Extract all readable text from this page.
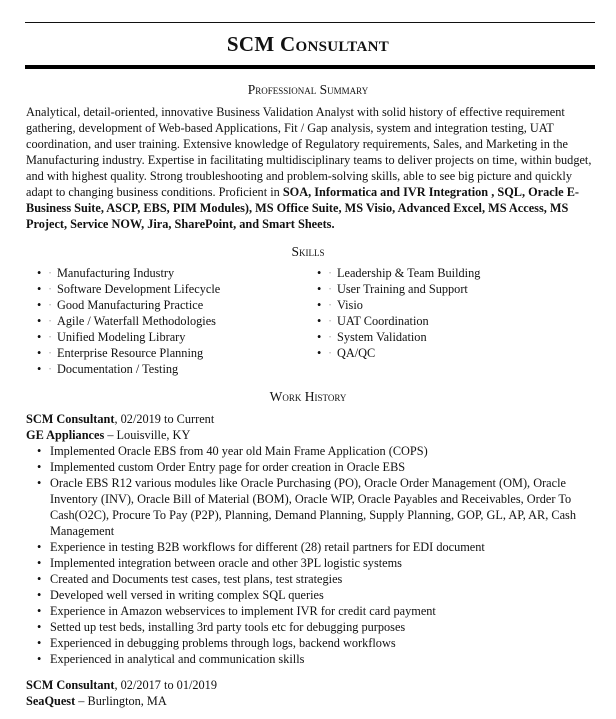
SCM Consultant
Professional Summary
Analytical, detail-oriented, innovative Business Validation Analyst with solid history of effective requirement gathering, development of Web-based Applications, Fit / Gap analysis, system and integration testing, UAT coordination, and user training. Extensive knowledge of Regulatory requirements, Sales, and Marketing in the Manufacturing industry. Expertise in facilitating multidisciplinary teams to deliver projects on time, within budget, and with highest quality. Strong troubleshooting and problem-solving skills, able to see big picture and quickly adapt to changing business conditions. Proficient in SOA, Informatica and IVR Integration , SQL, Oracle E-Business Suite, ASCP, EBS, PIM Modules), MS Office Suite, MS Visio, Advanced Excel, MS Access, MS Project, Service NOW, Jira, SharePoint, and Smart Sheets.
Skills
• Manufacturing Industry ·
• Software Development Lifecycle ·
• Good Manufacturing Practice ·
• Agile / Waterfall Methodologies ·
• Unified Modeling Library ·
• Enterprise Resource Planning ·
• Documentation / Testing ·
• Leadership & Team Building ·
• User Training and Support ·
• Visio ·
• UAT Coordination ·
• System Validation ·
• QA/QC ·
Work History
SCM Consultant, 02/2019 to Current
GE Appliances – Louisville, KY
• Implemented Oracle EBS from 40 year old Main Frame Application (COPS)
• Implemented custom Order Entry page for order creation in Oracle EBS
• Oracle EBS R12 various modules like Oracle Purchasing (PO), Oracle Order Management (OM), Oracle Inventory (INV), Oracle Bill of Material (BOM), Oracle WIP, Oracle Payables and Receivables, Order To Cash(O2C), Procure To Pay (P2P), Planning, Demand Planning, Supply Planning, GOP, GL, AP, AR, Cash Management
• Experience in testing B2B workflows for different (28) retail partners for EDI document
• Implemented integration between oracle and other 3PL logistic systems
• Created and Documents test cases, test plans, test strategies
• Developed well versed in writing complex SQL queries
• Experience in Amazon webservices to implement IVR for credit card payment
• Setted up test beds, installing 3rd party tools etc for debugging purposes
• Experienced in debugging problems through logs, backend workflows
• Experienced in analytical and communication skills
SCM Consultant, 02/2017 to 01/2019
SeaQuest – Burlington, MA
